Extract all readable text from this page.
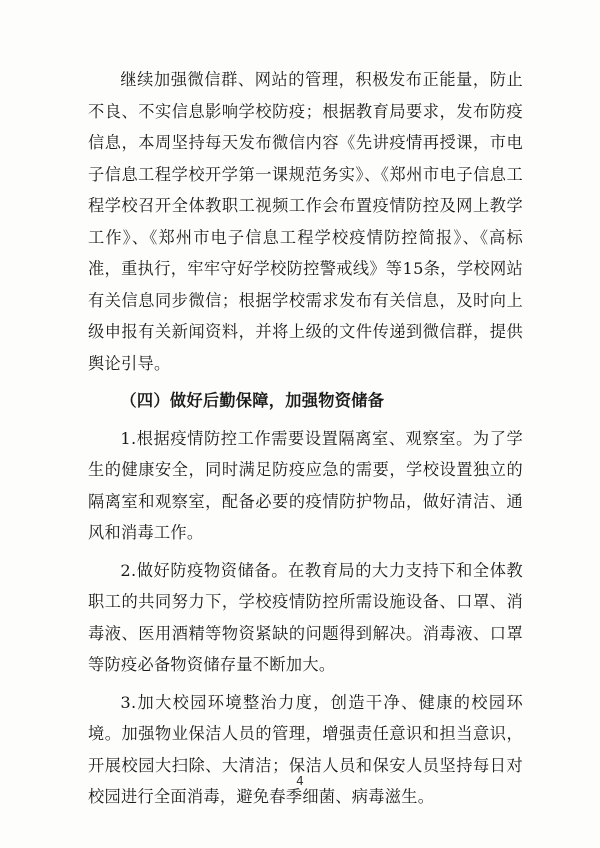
继续加强微信群、网站的管理，积极发布正能量，防止不良、不实信息影响学校防疫；根据教育局要求，发布防疫信息，本周坚持每天发布微信内容《先讲疫情再授课，市电子信息工程学校开学第一课规范务实》、《郑州市电子信息工程学校召开全体教职工视频工作会布置疫情防控及网上教学工作》、《郑州市电子信息工程学校疫情防控简报》、《高标准，重执行，牢牢守好学校防控警戒线》等15条，学校网站有关信息同步微信；根据学校需求发布有关信息，及时向上级申报有关新闻资料，并将上级的文件传递到微信群，提供舆论引导。

（四）做好后勤保障，加强物资储备

1.根据疫情防控工作需要设置隔离室、观察室。为了学生的健康安全，同时满足防疫应急的需要，学校设置独立的隔离室和观察室，配备必要的疫情防护物品，做好清洁、通风和消毒工作。

2.做好防疫物资储备。在教育局的大力支持下和全体教职工的共同努力下，学校疫情防控所需设施设备、口罩、消毒液、医用酒精等物资紧缺的问题得到解决。消毒液、口罩等防疫必备物资储存量不断加大。

3.加大校园环境整治力度，创造干净、健康的校园环境。加强物业保洁人员的管理，增强责任意识和担当意识，开展校园大扫除、大清洁；保洁人员和保安人员坚持每日对校园进行全面消毒，避免春季细菌、病毒滋生。

4
